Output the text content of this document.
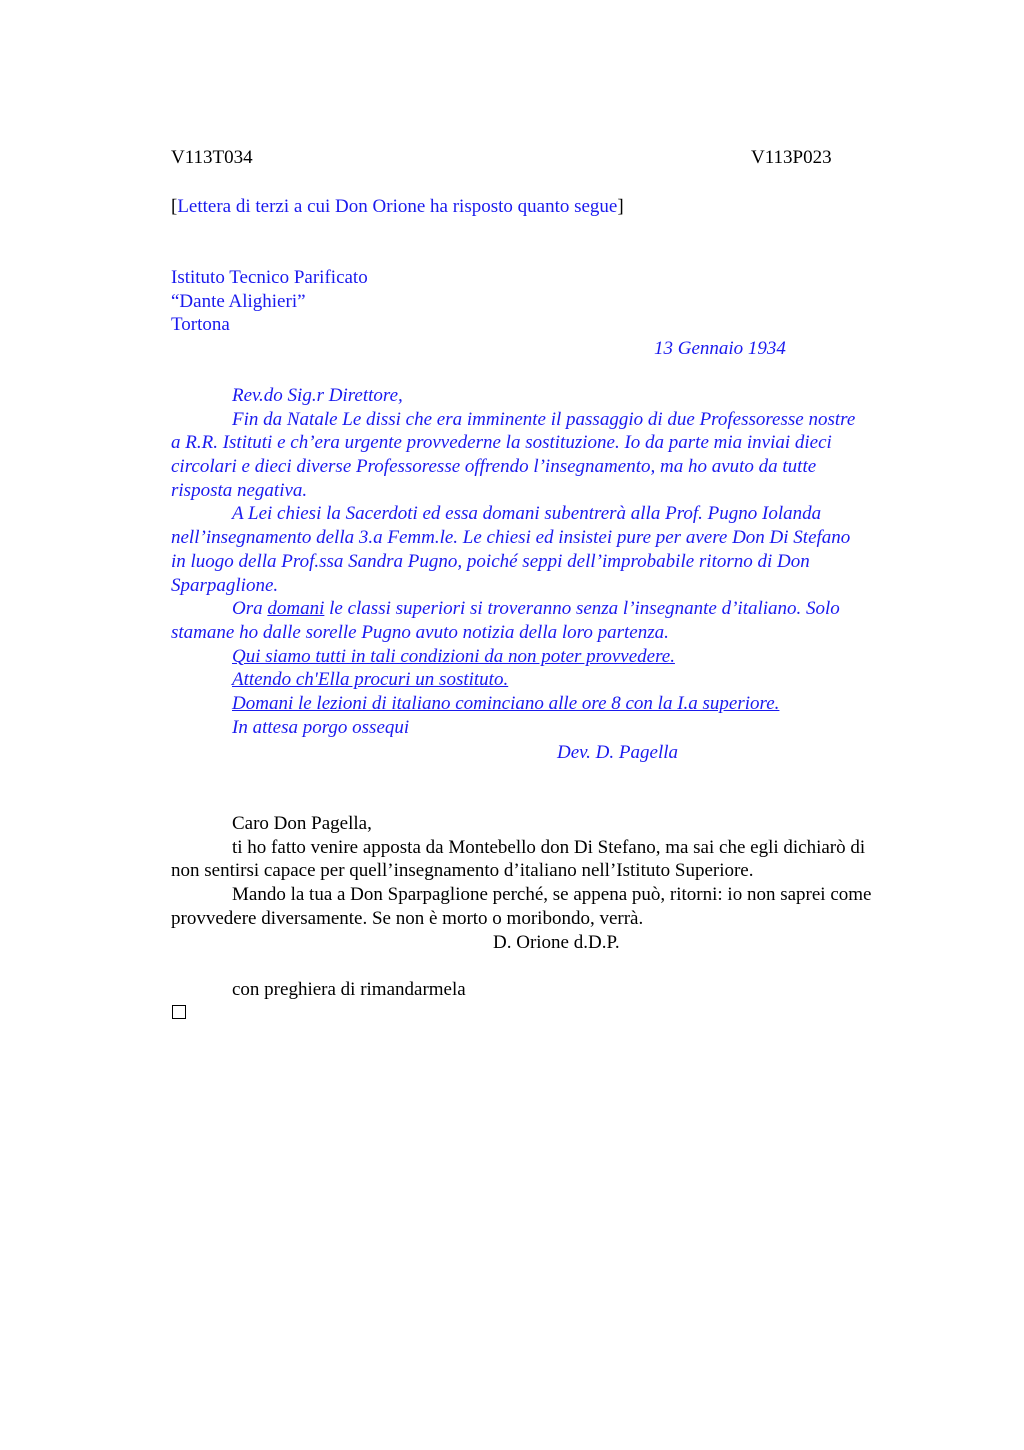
V113T034	V113P023
[Lettera di terzi a cui Don Orione ha risposto quanto segue]
Istituto Tecnico Parificato
“Dante Alighieri”
Tortona
13 Gennaio 1934
Rev.do Sig.r Direttore,
Fin da Natale Le dissi che era imminente il passaggio di due Professoresse nostre
a R.R. Istituti e ch’era urgente provvederne la sostituzione. Io da parte mia inviai dieci
circolari e dieci diverse Professoresse offrendo l’insegnamento, ma ho avuto da tutte
risposta negativa.
A Lei chiesi la Sacerdoti ed essa domani subentrerà alla Prof. Pugno Iolanda
nell’insegnamento della 3.a Femm.le. Le chiesi ed insistei pure per avere Don Di Stefano
in luogo della Prof.ssa Sandra Pugno, poiché seppi dell’improbabile ritorno di Don
Sparpaglione.
Ora domani le classi superiori si troveranno senza l’insegnante d’italiano. Solo
stamane ho dalle sorelle Pugno avuto notizia della loro partenza.
Qui siamo tutti in tali condizioni da non poter provvedere.
Attendo ch'Ella procuri un sostituto.
Domani le lezioni di italiano cominciano alle ore 8 con la I.a superiore.
In attesa porgo ossequi
Dev. D. Pagella
Caro Don Pagella,
ti ho fatto venire apposta da Montebello don Di Stefano, ma sai che egli dichiarò di
non sentirsi capace per quell’insegnamento d’italiano nell’Istituto Superiore.
Mando la tua a Don Sparpaglione perché, se appena può, ritorni: io non saprei come
provvedere diversamente. Se non è morto o moribondo, verrà.
D. Orione d.D.P.
con preghiera di rimandarmela
